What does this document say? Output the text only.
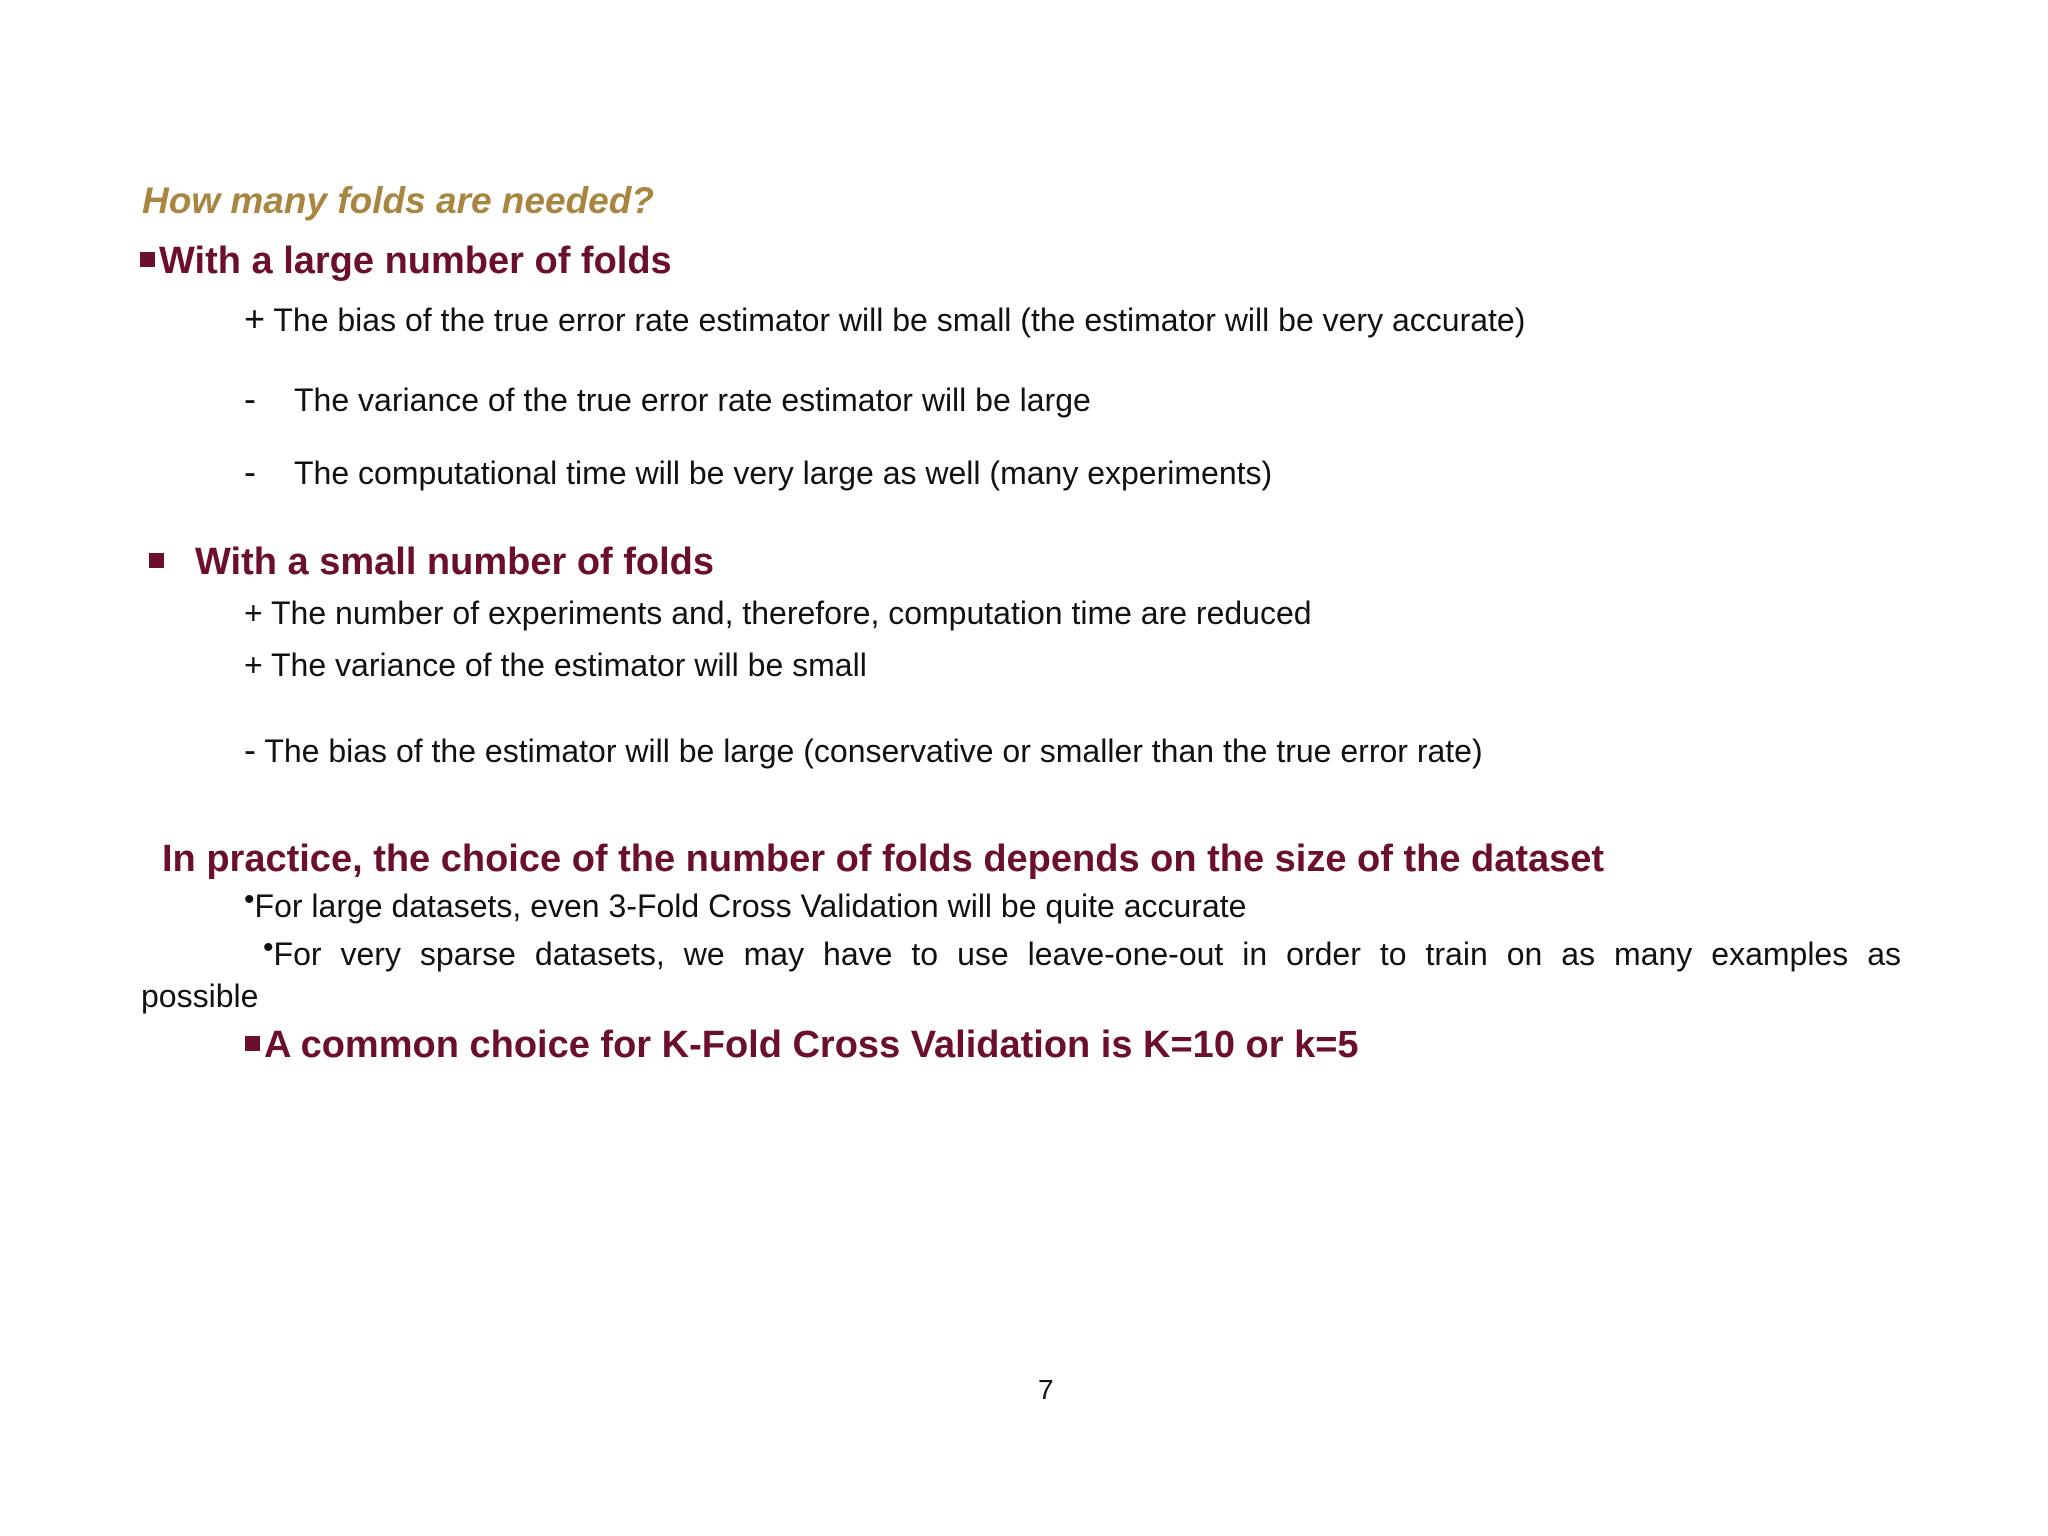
How many folds are needed?
With a large number of folds
+ The bias of the true error rate estimator will be small (the estimator will be very accurate)
- The variance of the true error rate estimator will be large
- The computational time will be very large as well (many experiments)
With a small number of folds
+ The number of experiments and, therefore, computation time are reduced
+ The variance of the estimator will be small
- The bias of the estimator will be large (conservative or smaller than the true error rate)
In practice, the choice of the number of folds depends on the size of the dataset
•For large datasets, even 3-Fold Cross Validation will be quite accurate
•For very sparse datasets, we may have to use leave-one-out in order to train on as many examples as
possible
A common choice for K-Fold Cross Validation is K=10 or k=5
7
